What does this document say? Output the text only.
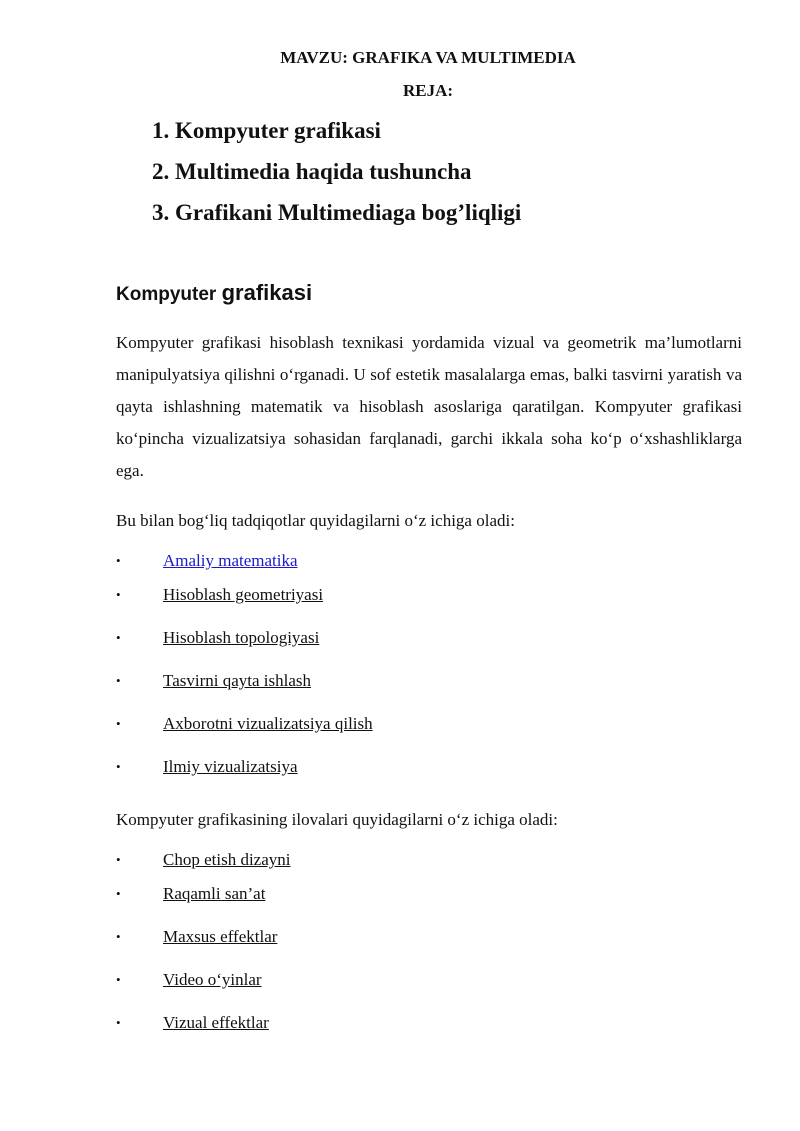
MAVZU: GRAFIKA VA MULTIMEDIA
REJA:
1. Kompyuter grafikasi
2. Multimedia haqida tushuncha
3. Grafikani Multimediaga bog’liqligi
Kompyuter grafikasi

Kompyuter grafikasi hisoblash texnikasi yordamida vizual va geometrik ma’lumotlarni manipulyatsiya qilishni o‘rganadi. U sof estetik masalalarga emas, balki tasvirni yaratish va qayta ishlashning matematik va hisoblash asoslariga qaratilgan. Kompyuter grafikasi ko‘pincha vizualizatsiya sohasidan farqlanadi, garchi ikkala soha ko‘p o‘xshashliklarga ega.

Bu bilan bog‘liq tadqiqotlar quyidagilarni o‘z ichiga oladi:

• Amaliy matematika
• Hisoblash geometriyasi
• Hisoblash topologiyasi
• Tasvirni qayta ishlash
• Axborotni vizualizatsiya qilish
• Ilmiy vizualizatsiya

Kompyuter grafikasining ilovalari quyidagilarni o‘z ichiga oladi:

• Chop etish dizayni
• Raqamli san’at
• Maxsus effektlar
• Video o‘yinlar
• Vizual effektlar
